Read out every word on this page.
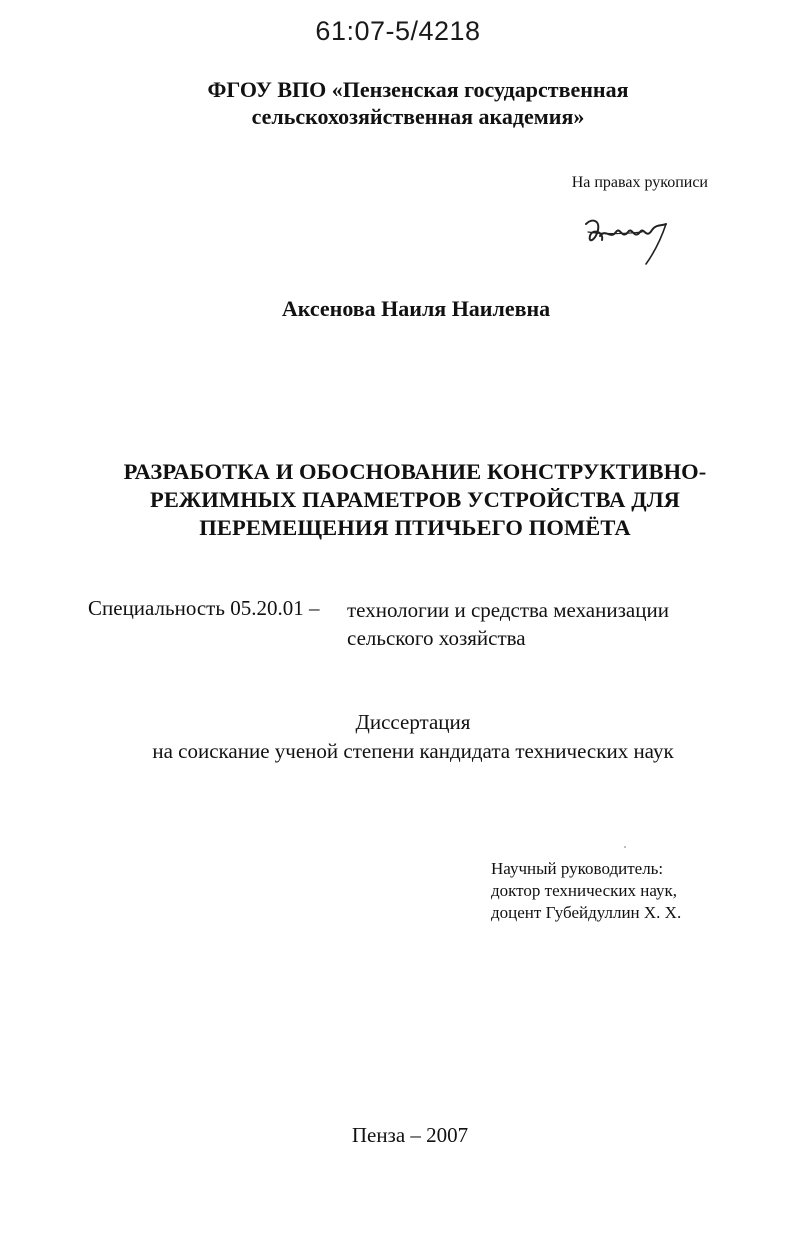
61:07-5/4218
ФГОУ ВПО «Пензенская государственная
сельскохозяйственная академия»
На правах рукописи
Аксенова Наиля Наилевна
РАЗРАБОТКА И ОБОСНОВАНИЕ КОНСТРУКТИВНО-
РЕЖИМНЫХ ПАРАМЕТРОВ УСТРОЙСТВА ДЛЯ
ПЕРЕМЕЩЕНИЯ ПТИЧЬЕГО ПОМЁТА
Специальность 05.20.01 – технологии и средства механизации
сельского хозяйства
Диссертация
на соискание ученой степени кандидата технических наук
Научный руководитель:
доктор технических наук,
доцент Губейдуллин Х. Х.
Пенза – 2007
